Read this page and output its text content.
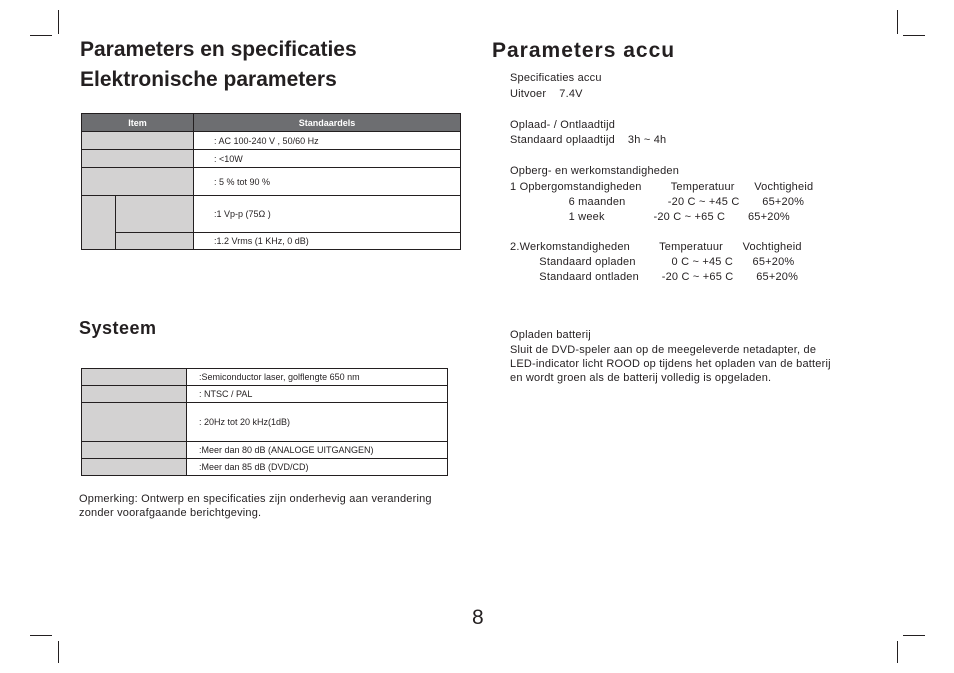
Parameters en specificaties
Elektronische parameters
Item		Standaardels
		: AC 100-240 V , 50/60 Hz
		: <10W
		: 5 % tot 90 %
		:1 Vp-p (75Ω )
		:1.2 Vrms (1 KHz, 0 dB)
Systeem
	:Semiconductor laser, golflengte 650 nm
	: NTSC / PAL
	: 20Hz tot 20 kHz(1dB)
	:Meer dan 80 dB (ANALOGE UITGANGEN)
	:Meer dan 85 dB (DVD/CD)
Opmerking: Ontwerp en specificaties zijn onderhevig aan verandering zonder voorafgaande berichtgeving.
Parameters accu
Specificaties accu
Uitvoer    7.4V
Oplaad- / Ontlaadtijd
Standaard oplaadtijd    3h ~ 4h
Opberg- en werkomstandigheden
1 Opbergomstandigheden         Temperatuur      Vochtigheid
6 maanden             -20 C ~ +45 C       65+20%
1 week               -20 C ~ +65 C       65+20%
2.Werkomstandigheden         Temperatuur      Vochtigheid
Standaard opladen           0 C ~ +45 C      65+20%
Standaard ontladen       -20 C ~ +65 C       65+20%
Opladen batterij
Sluit de DVD-speler aan op de meegeleverde netadapter, de
LED-indicator licht ROOD op tijdens het opladen van de batterij
en wordt groen als de batterij volledig is opgeladen.
8
